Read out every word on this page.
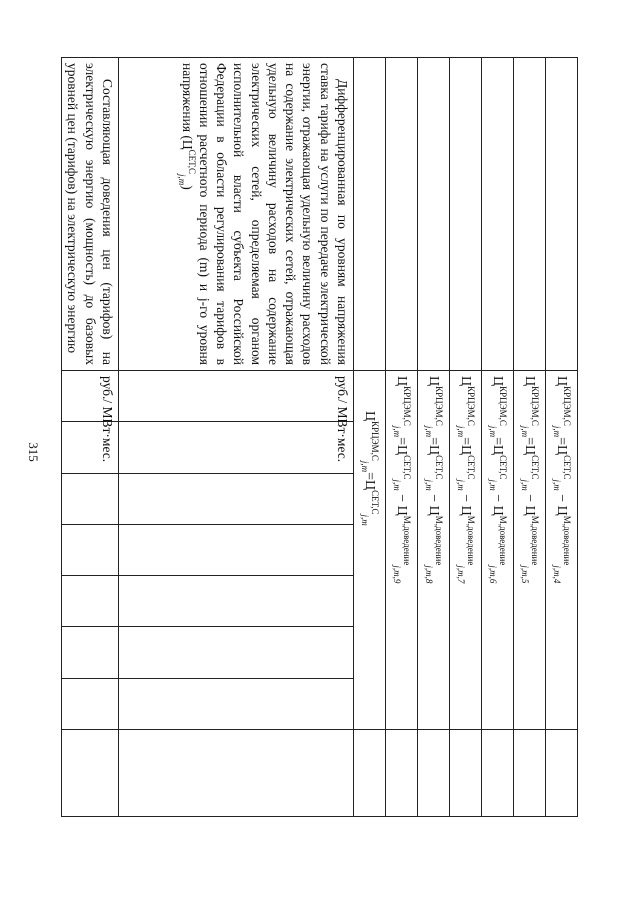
315
	$Ц^{КРЦЭМ,C}_{j,m}=Ц^{СЕТ,C}_{j,m} - Ц^{М,доведение}_{j,m,4}$	
	$Ц^{КРЦЭМ,C}_{j,m}=Ц^{СЕТ,C}_{j,m} - Ц^{М,доведение}_{j,m,5}$	
	$Ц^{КРЦЭМ,C}_{j,m}=Ц^{СЕТ,C}_{j,m} - Ц^{М,доведение}_{j,m,6}$	
	$Ц^{КРЦЭМ,C}_{j,m}=Ц^{СЕТ,C}_{j,m} - Ц^{М,доведение}_{j,m,7}$	
	$Ц^{КРЦЭМ,C}_{j,m}=Ц^{СЕТ,C}_{j,m} - Ц^{М,доведение}_{j,m,8}$	
	$Ц^{КРЦЭМ,C}_{j,m}=Ц^{СЕТ,C}_{j,m} - Ц^{М,доведение}_{j,m,9}$	
	$Ц^{КРЦЭМ,C}_{j,m}=Ц^{СЕТ,C}_{j,m}$	
Дифференцированная по уровням напряжения ставка тарифа на услуги по передаче электрической энергии, отражающая удельную величину расходов на содержание электрических сетей, отражающая удельную величину расходов на содержание электрических сетей, определяемая органом исполнительной власти субъекта Российской Федерации в области регулирования тарифов в отношении расчетного периода (m) и j-го уровня напряжения $(Ц^{СЕТ,C}_{j,m})$	руб./ МВт·мес.							
Составляющая доведения цен (тарифов) на электрическую энергию (мощность) до базовых уровней цен (тарифов) на электрическую энергию	руб./ МВт·мес.							
